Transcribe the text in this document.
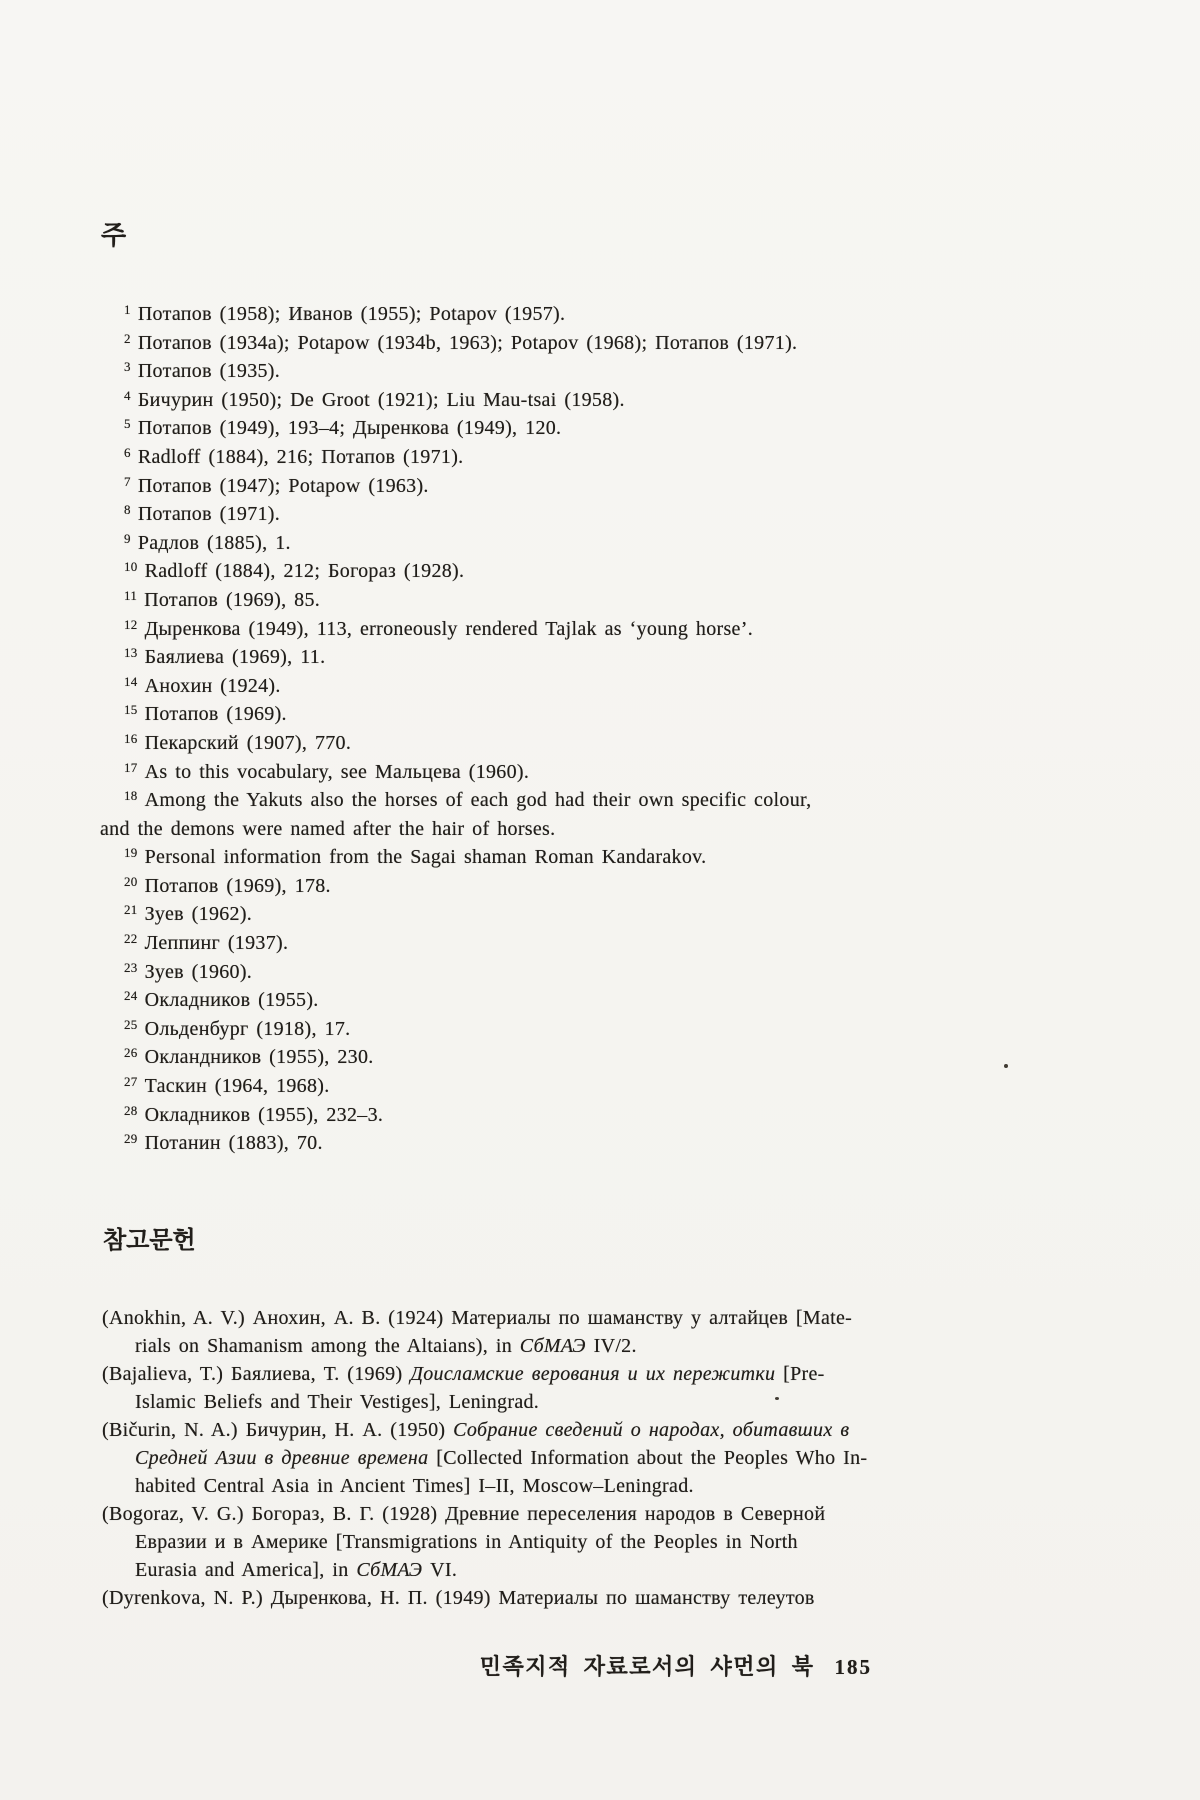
주
$^1$ Потапов (1958); Иванов (1955); Potapov (1957).
$^2$ Потапов (1934a); Potapow (1934b, 1963); Potapov (1968); Потапов (1971).
$^3$ Потапов (1935).
$^4$ Бичурин (1950); De Groot (1921); Liu Mau-tsai (1958).
$^5$ Потапов (1949), 193–4; Дыренкова (1949), 120.
$^6$ Radloff (1884), 216; Потапов (1971).
$^7$ Потапов (1947); Potapow (1963).
$^8$ Потапов (1971).
$^9$ Радлов (1885), 1.
$^{10}$ Radloff (1884), 212; Богораз (1928).
$^{11}$ Потапов (1969), 85.
$^{12}$ Дыренкова (1949), 113, erroneously rendered Tajlak as ‘young horse’.
$^{13}$ Баялиева (1969), 11.
$^{14}$ Анохин (1924).
$^{15}$ Потапов (1969).
$^{16}$ Пекарский (1907), 770.
$^{17}$ As to this vocabulary, see Мальцева (1960).
$^{18}$ Among the Yakuts also the horses of each god had their own specific colour,
and the demons were named after the hair of horses.
$^{19}$ Personal information from the Sagai shaman Roman Kandarakov.
$^{20}$ Потапов (1969), 178.
$^{21}$ Зуев (1962).
$^{22}$ Леппинг (1937).
$^{23}$ Зуев (1960).
$^{24}$ Окладников (1955).
$^{25}$ Ольденбург (1918), 17.
$^{26}$ Окландников (1955), 230.
$^{27}$ Таскин (1964, 1968).
$^{28}$ Окладников (1955), 232–3.
$^{29}$ Потанин (1883), 70.
참고문헌
(Anokhin, A. V.) Анохин, А. В. (1924) Материалы по шаманству у алтайцев [Mate-
rials on Shamanism among the Altaians), in СбМАЭ IV/2.
(Bajalieva, T.) Баялиева, Т. (1969) Доисламские верования и их пережитки [Pre-
Islamic Beliefs and Their Vestiges], Leningrad.
(Bičurin, N. A.) Бичурин, Н. А. (1950) Собрание сведений о народах, обитавших в
Средней Азии в древние времена [Collected Information about the Peoples Who In-
habited Central Asia in Ancient Times] I–II, Moscow–Leningrad.
(Bogoraz, V. G.) Богораз, В. Г. (1928) Древние переселения народов в Северной
Евразии и в Америке [Transmigrations in Antiquity of the Peoples in North
Eurasia and America], in СбМАЭ VI.
(Dyrenkova, N. P.) Дыренкова, Н. П. (1949) Материалы по шаманству телеутов
민족지적 자료로서의 샤먼의 북 185
